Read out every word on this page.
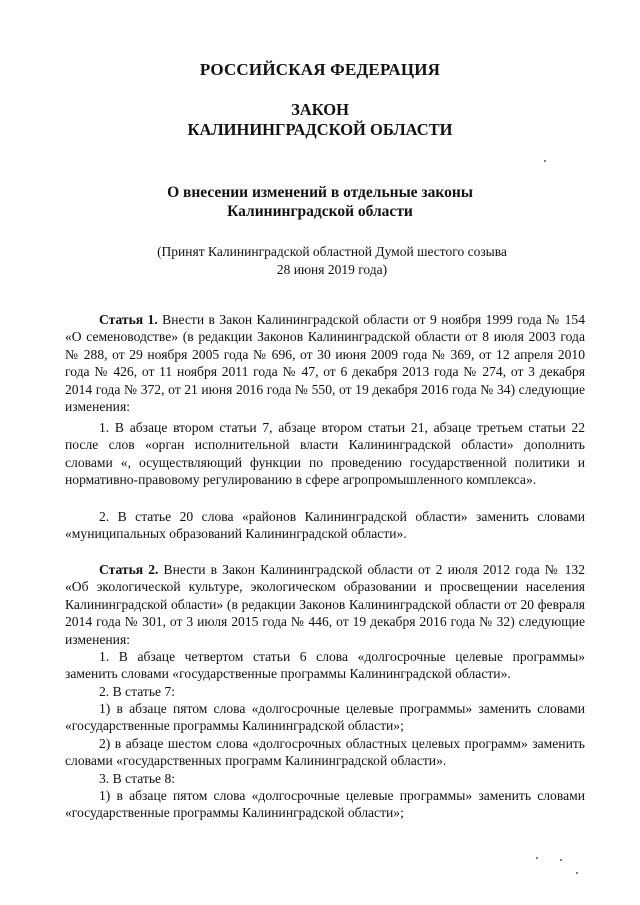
РОССИЙСКАЯ ФЕДЕРАЦИЯ
ЗАКОН
КАЛИНИНГРАДСКОЙ ОБЛАСТИ
О внесении изменений в отдельные законы
Калининградской области
(Принят Калининградской областной Думой шестого созыва
28 июня 2019 года)

Статья 1. Внести в Закон Калининградской области от 9 ноября 1999 года № 154 «О семеноводстве» (в редакции Законов Калининградской области от 8 июля 2003 года № 288, от 29 ноября 2005 года № 696, от 30 июня 2009 года № 369, от 12 апреля 2010 года № 426, от 11 ноября 2011 года № 47, от 6 декабря 2013 года № 274, от 3 декабря 2014 года № 372, от 21 июня 2016 года № 550, от 19 декабря 2016 года № 34) следующие изменения:

1. В абзаце втором статьи 7, абзаце втором статьи 21, абзаце третьем статьи 22 после слов «орган исполнительной власти Калининградской области» дополнить словами «, осуществляющий функции по проведению государственной политики и нормативно-правовому регулированию в сфере агропромышленного комплекса».

2. В статье 20 слова «районов Калининградской области» заменить словами «муниципальных образований Калининградской области».

Статья 2. Внести в Закон Калининградской области от 2 июля 2012 года № 132 «Об экологической культуре, экологическом образовании и просвещении населения Калининградской области» (в редакции Законов Калининградской области от 20 февраля 2014 года № 301, от 3 июля 2015 года № 446, от 19 декабря 2016 года № 32) следующие изменения:

1. В абзаце четвертом статьи 6 слова «долгосрочные целевые программы» заменить словами «государственные программы Калининградской области».

2. В статье 7:

1) в абзаце пятом слова «долгосрочные целевые программы» заменить словами «государственные программы Калининградской области»;

2) в абзаце шестом слова «долгосрочных областных целевых программ» заменить словами «государственных программ Калининградской области».

3. В статье 8:

1) в абзаце пятом слова «долгосрочные целевые программы» заменить словами «государственные программы Калининградской области»;
